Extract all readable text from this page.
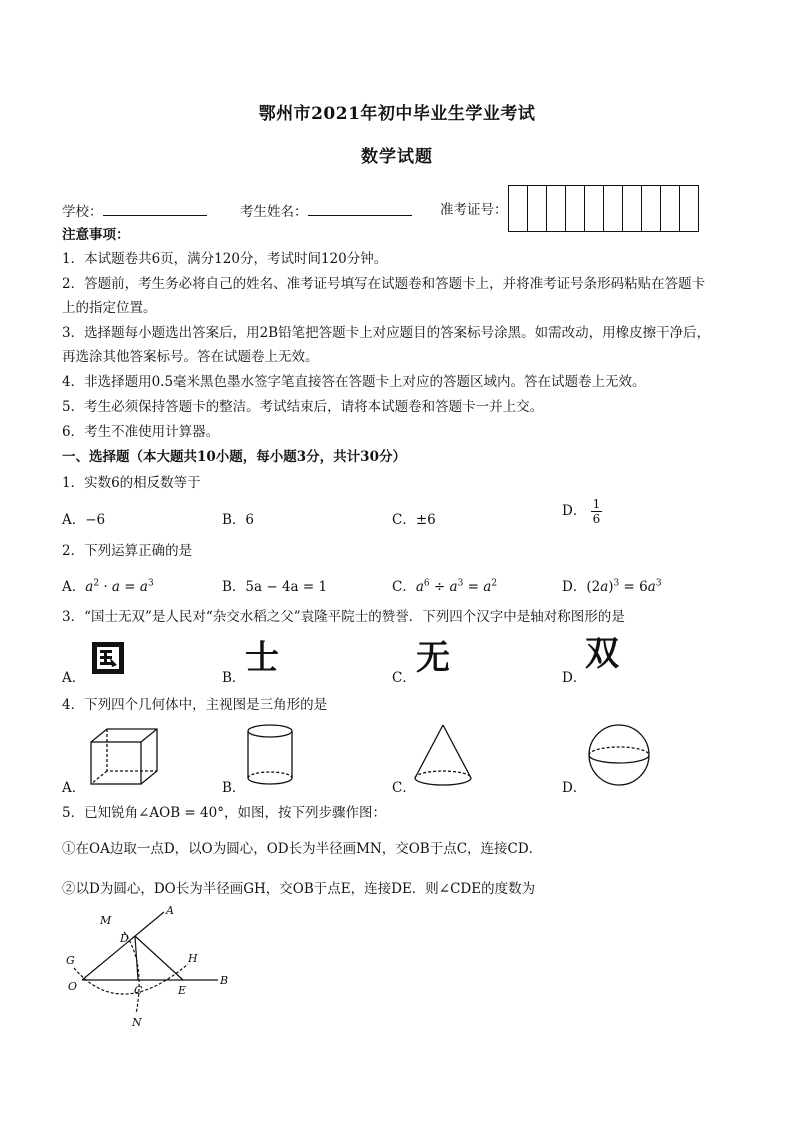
鄂州市2021年初中毕业生学业考试
数学试题
学校：	考生姓名：	准考证号：
注意事项：
1．本试题卷共6页，满分120分，考试时间120分钟。
2．答题前，考生务必将自己的姓名、准考证号填写在试题卷和答题卡上，并将准考证号条形码粘贴在答题卡
上的指定位置。
3．选择题每小题选出答案后，用2B铅笔把答题卡上对应题目的答案标号涂黑。如需改动，用橡皮擦干净后，
再选涂其他答案标号。答在试题卷上无效。
4．非选择题用0.5毫米黑色墨水签字笔直接答在答题卡上对应的答题区域内。答在试题卷上无效。
5．考生必须保持答题卡的整洁。考试结束后，请将本试题卷和答题卡一并上交。
6．考生不准使用计算器。
一、选择题（本大题共10小题，每小题3分，共计30分）
1．实数6的相反数等于
A．−6	B．6	C．±6
D． $\frac{1}{6}$
2．下列运算正确的是
A．$a^2 \cdot a = a^3$	B．5a − 4a = 1	C．$a^6 \div a^3 = a^2$	D．$(2a)^3 = 6a^3$
3．“国士无双”是人民对“杂交水稻之父”袁隆平院士的赞誉．下列四个汉字中是轴对称图形的是
A．	B． 士	C． 无	D．
双
4．下列四个几何体中，主视图是三角形的是
A．	B．	C．	D．
5．已知锐角∠AOB = 40°，如图，按下列步骤作图：
①在OA边取一点D，以O为圆心，OD长为半径画MN，交OB于点C，连接CD．
②以D为圆心，DO长为半径画GH，交OB于点E，连接DE．则∠CDE的度数为
A
B
M
D
G	H
O	C	E
N
